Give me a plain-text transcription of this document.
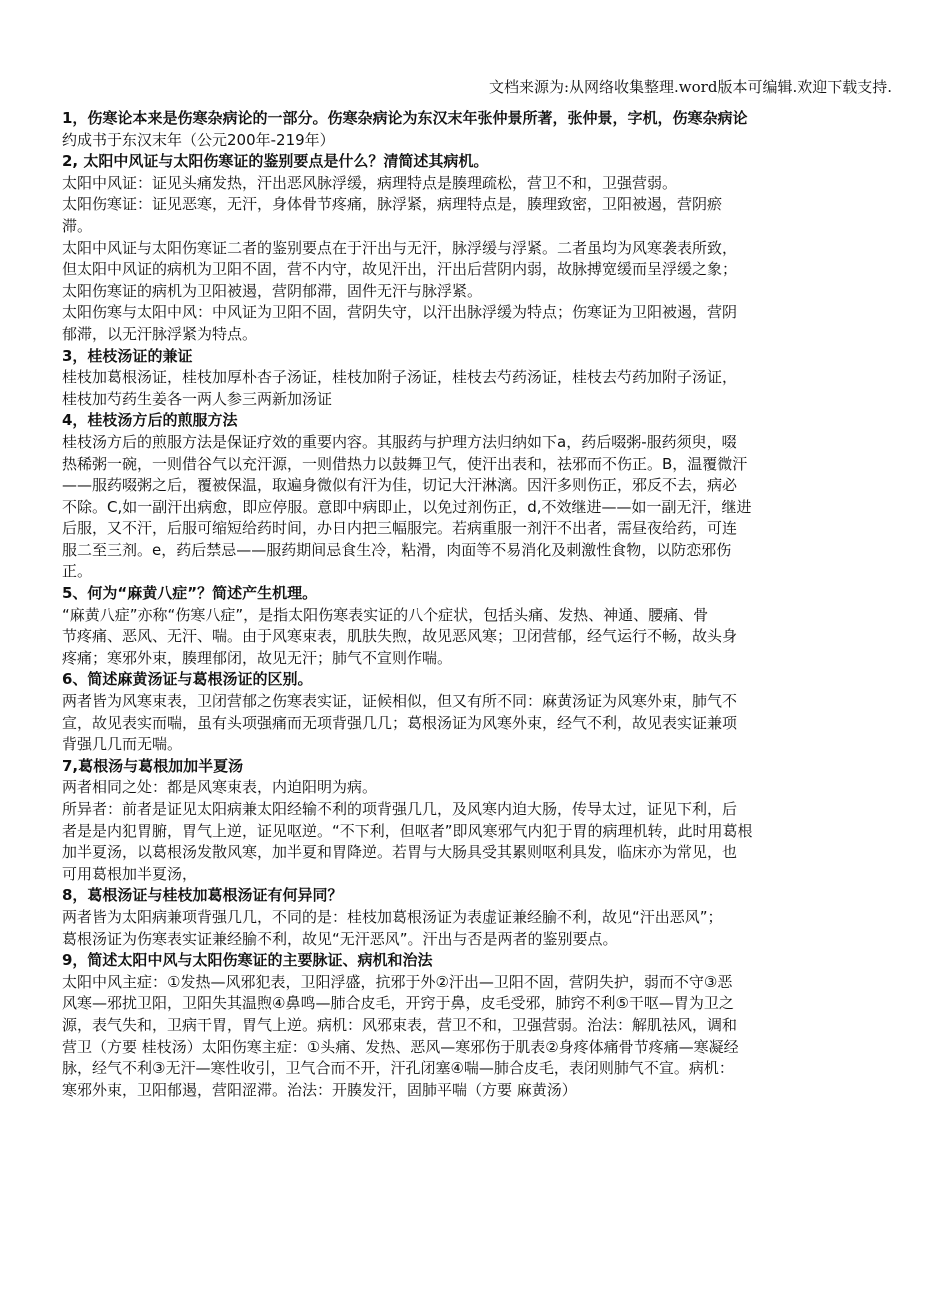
文档来源为:从网络收集整理.word版本可编辑.欢迎下载支持.
1，伤寒论本来是伤寒杂病论的一部分。伤寒杂病论为东汉末年张仲景所著，张仲景，字机，伤寒杂病论
约成书于东汉末年（公元200年-219年）
2, 太阳中风证与太阳伤寒证的鉴别要点是什么？清简述其病机。
太阳中风证：证见头痛发热，汗出恶风脉浮缓，病理特点是腠理疏松，营卫不和，卫强营弱。
太阳伤寒证：证见恶寒，无汗，身体骨节疼痛，脉浮紧，病理特点是，腠理致密，卫阳被遏，营阴瘀
滞。
太阳中风证与太阳伤寒证二者的鉴别要点在于汗出与无汗，脉浮缓与浮紧。二者虽均为风寒袭表所致，
但太阳中风证的病机为卫阳不固，营不内守，故见汗出，汗出后营阴内弱，故脉搏宽缓而呈浮缓之象；
太阳伤寒证的病机为卫阳被遏，营阴郁滞，固件无汗与脉浮紧。
太阳伤寒与太阳中风：中风证为卫阳不固，营阴失守，以汗出脉浮缓为特点；伤寒证为卫阳被遏，营阴
郁滞，以无汗脉浮紧为特点。
3，桂枝汤证的兼证
桂枝加葛根汤证，桂枝加厚朴杏子汤证，桂枝加附子汤证，桂枝去芍药汤证，桂枝去芍药加附子汤证，
桂枝加芍药生姜各一两人参三两新加汤证
4，桂枝汤方后的煎服方法
桂枝汤方后的煎服方法是保证疗效的重要内容。其服药与护理方法归纳如下a，药后啜粥-服药须臾，啜
热稀粥一碗，一则借谷气以充汗源，一则借热力以鼓舞卫气，使汗出表和，祛邪而不伤正。B，温覆微汗
——服药啜粥之后，覆被保温，取遍身微似有汗为佳，切记大汗淋漓。因汗多则伤正，邪反不去，病必
不除。C,如一副汗出病愈，即应停服。意即中病即止，以免过剂伤正，d,不效继进——如一副无汗，继进
后服，又不汗，后服可缩短给药时间，办日内把三幅服完。若病重服一剂汗不出者，需昼夜给药，可连
服二至三剂。e，药后禁忌——服药期间忌食生冷，粘滑，肉面等不易消化及刺激性食物，以防恋邪伤
正。
5、何为“麻黄八症”？简述产生机理。
“麻黄八症”亦称“伤寒八症”，是指太阳伤寒表实证的八个症状，包括头痛、发热、神通、腰痛、骨
节疼痛、恶风、无汗、喘。由于风寒束表，肌肤失煦，故见恶风寒；卫闭营郁，经气运行不畅，故头身
疼痛；寒邪外束，腠理郁闭，故见无汗；肺气不宣则作喘。
6、简述麻黄汤证与葛根汤证的区别。
两者皆为风寒束表，卫闭营郁之伤寒表实证，证候相似，但又有所不同：麻黄汤证为风寒外束，肺气不
宣，故见表实而喘，虽有头项强痛而无项背强几几；葛根汤证为风寒外束，经气不利，故见表实证兼项
背强几几而无喘。
7,葛根汤与葛根加加半夏汤
两者相同之处：都是风寒束表，内迫阳明为病。
所异者：前者是证见太阳病兼太阳经输不利的项背强几几，及风寒内迫大肠，传导太过，证见下利，后
者是是内犯胃腑，胃气上逆，证见呕逆。“不下利，但呕者”即风寒邪气内犯于胃的病理机转，此时用葛根
加半夏汤，以葛根汤发散风寒，加半夏和胃降逆。若胃与大肠具受其累则呕利具发，临床亦为常见，也
可用葛根加半夏汤，
8，葛根汤证与桂枝加葛根汤证有何异同？
两者皆为太阳病兼项背强几几，不同的是：桂枝加葛根汤证为表虚证兼经腧不利，故见“汗出恶风”；
葛根汤证为伤寒表实证兼经腧不利，故见“无汗恶风”。汗出与否是两者的鉴别要点。
9，简述太阳中风与太阳伤寒证的主要脉证、病机和治法
太阳中风主症：①发热—风邪犯表，卫阳浮盛，抗邪于外②汗出—卫阳不固，营阴失护，弱而不守③恶
风寒—邪扰卫阳，卫阳失其温煦④鼻鸣—肺合皮毛，开窍于鼻，皮毛受邪，肺窍不利⑤干呕—胃为卫之
源，表气失和，卫病干胃，胃气上逆。病机：风邪束表，营卫不和，卫强营弱。治法：解肌祛风，调和
营卫（方要 桂枝汤）太阳伤寒主症：①头痛、发热、恶风—寒邪伤于肌表②身疼体痛骨节疼痛—寒凝经
脉，经气不利③无汗—寒性收引，卫气合而不开，汗孔闭塞④喘—肺合皮毛，表闭则肺气不宣。病机：
寒邪外束，卫阳郁遏，营阳涩滞。治法：开腠发汗，固肺平喘（方要 麻黄汤）
